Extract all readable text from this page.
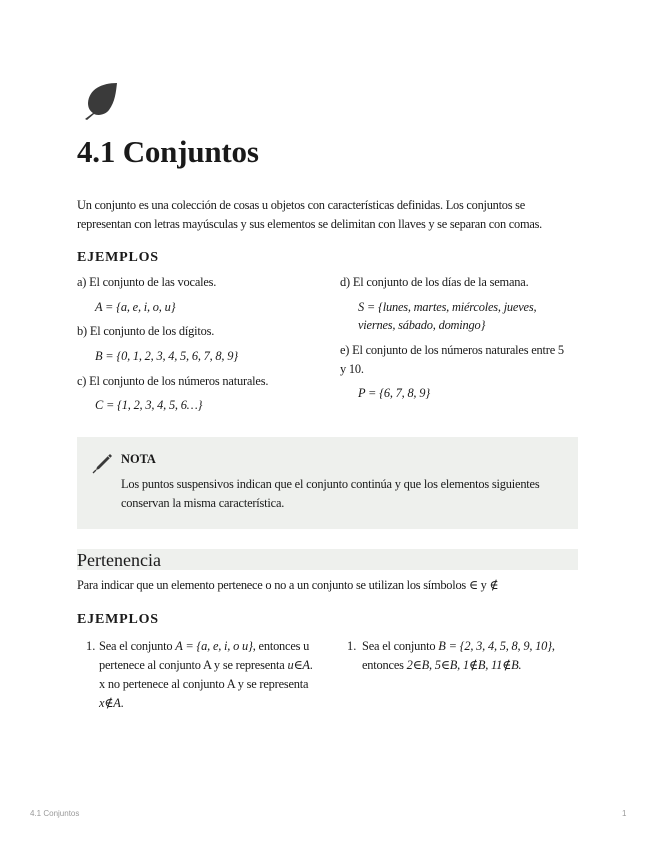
4.1 Conjuntos

Un conjunto es una colección de cosas u objetos con características definidas. Los conjuntos se representan con letras mayúsculas y sus elementos se delimitan con llaves y se separan con comas.

EJEMPLOS
a) El conjunto de las vocales.
A = {a, e, i, o, u}
b) El conjunto de los dígitos.
B = {0, 1, 2, 3, 4, 5, 6, 7, 8, 9}
c) El conjunto de los números naturales.
C = {1, 2, 3, 4, 5, 6…}
d) El conjunto de los días de la semana.
S = {lunes, martes, miércoles, jueves,
viernes, sábado, domingo}
e) El conjunto de los números naturales entre 5
y 10.
P = {6, 7, 8, 9}
NOTA

Los puntos suspensivos indican que el conjunto continúa y que los elementos siguientes conservan la misma característica.

Pertenencia

Para indicar que un elemento pertenece o no a un conjunto se utilizan los símbolos ∈ y ∉

EJEMPLOS
1. Sea el conjunto A = {a, e, i, o u}, entonces u pertenece al conjunto A y se representa u∈A. x no pertenece al conjunto A y se representa x∉A.

1. Sea el conjunto B = {2, 3, 4, 5, 8, 9, 10}, entonces 2∈B, 5∈B, 1∉B, 11∉B.

4.1 Conjuntos	1
